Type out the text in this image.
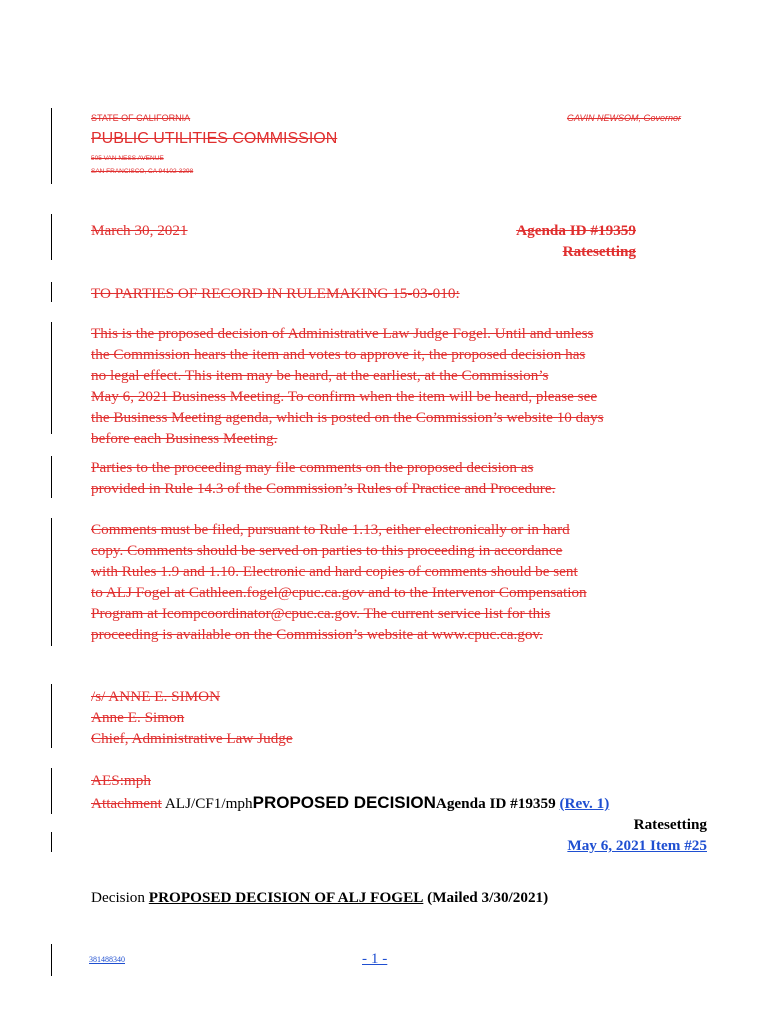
STATE OF CALIFORNIA	GAVIN NEWSOM, Governor
PUBLIC UTILITIES COMMISSION
505 VAN NESS AVENUE
SAN FRANCISCO, CA 94102-3298
March 30, 2021	Agenda ID #19359
Ratesetting
TO PARTIES OF RECORD IN RULEMAKING 15-03-010:
This is the proposed decision of Administrative Law Judge Fogel. Until and unless
the Commission hears the item and votes to approve it, the proposed decision has
no legal effect. This item may be heard, at the earliest, at the Commission’s
May 6, 2021 Business Meeting. To confirm when the item will be heard, please see
the Business Meeting agenda, which is posted on the Commission’s website 10 days
before each Business Meeting.
Parties to the proceeding may file comments on the proposed decision as
provided in Rule 14.3 of the Commission’s Rules of Practice and Procedure.
Comments must be filed, pursuant to Rule 1.13, either electronically or in hard
copy. Comments should be served on parties to this proceeding in accordance
with Rules 1.9 and 1.10. Electronic and hard copies of comments should be sent
to ALJ Fogel at Cathleen.fogel@cpuc.ca.gov and to the Intervenor Compensation
Program at Icompcoordinator@cpuc.ca.gov. The current service list for this
proceeding is available on the Commission’s website at www.cpuc.ca.gov.
/s/ ANNE E. SIMON
Anne E. Simon
Chief, Administrative Law Judge
AES:mph
Attachment ALJ/CF1/mphPROPOSED DECISIONAgenda ID #19359 (Rev. 1)
Ratesetting
May 6, 2021 Item #25
Decision PROPOSED DECISION OF ALJ FOGEL (Mailed 3/30/2021)
381488340	- 1 -
